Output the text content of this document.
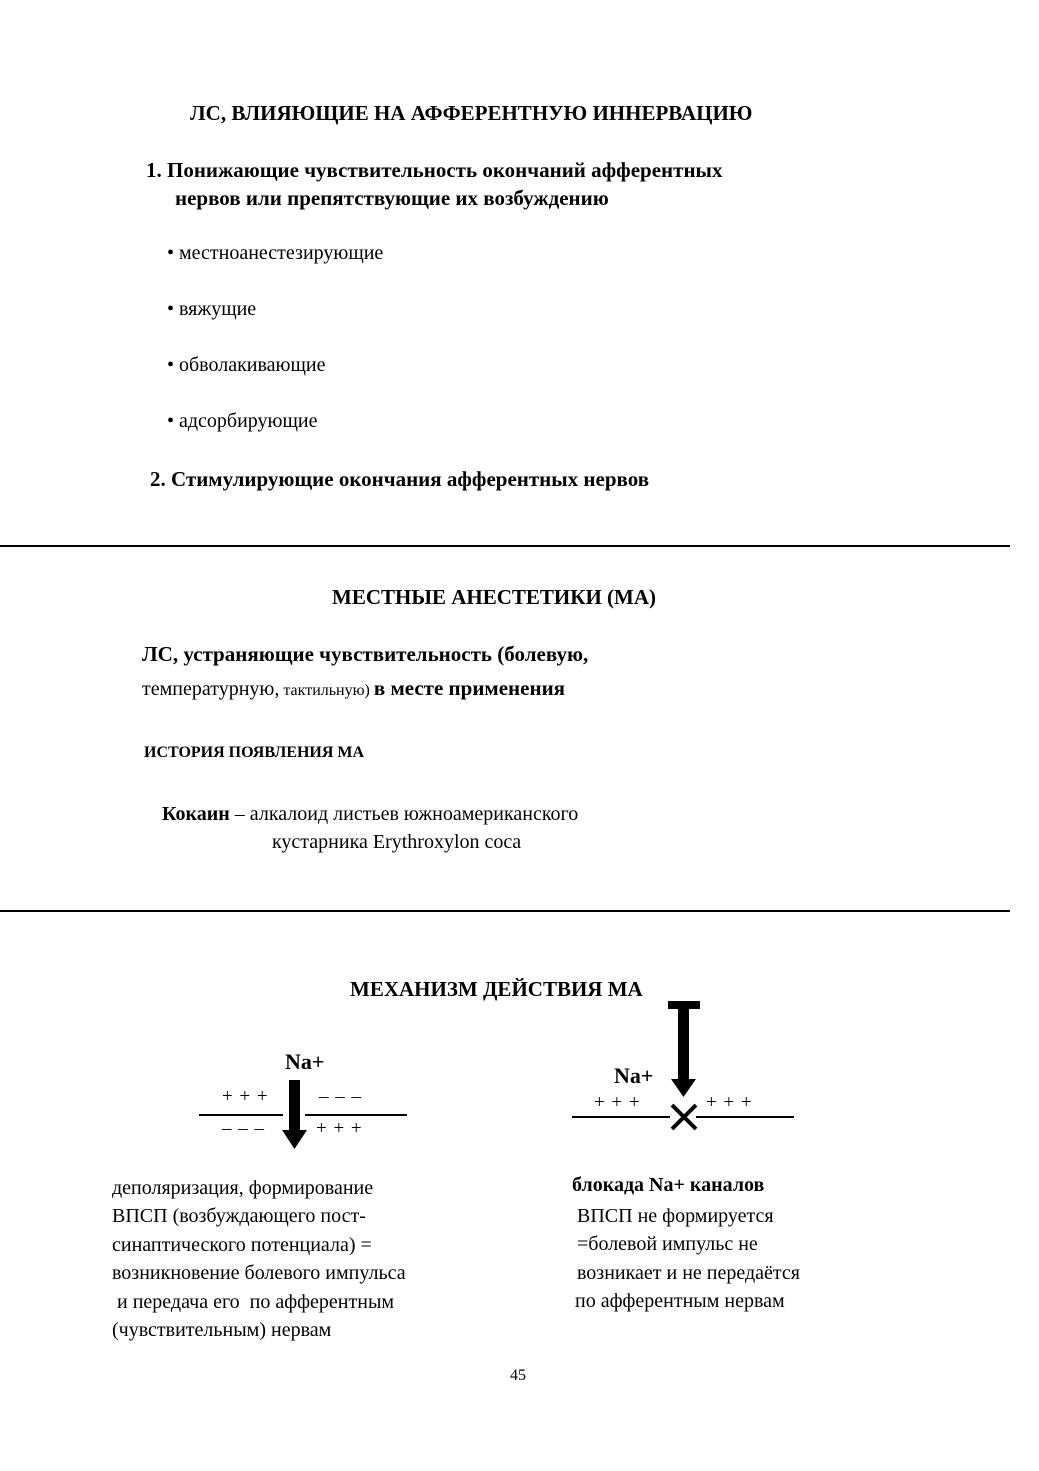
ЛС, ВЛИЯЮЩИЕ НА АФФЕРЕНТНУЮ ИННЕРВАЦИЮ
1. Понижающие чувствительность окончаний афферентных
нервов или препятствующие их возбуждению
• местноанестезирующие
• вяжущие
• обволакивающие
• адсорбирующие
2. Стимулирующие окончания афферентных нервов
МЕСТНЫЕ АНЕСТЕТИКИ (МА)
ЛС, устраняющие чувствительность (болевую,
температурную, тактильную) в месте применения
ИСТОРИЯ ПОЯВЛЕНИЯ МА
Кокаин – алкалоид листьев южноамериканского
кустарника Erythroxylon coca
МЕХАНИЗМ ДЕЙСТВИЯ МА
Na+
+ + +	– – –
– – –	+ + +
Na+
+ + +	+ + +
деполяризация, формирование
ВПСП (возбуждающего пост-
синаптического потенциала) =
возникновение болевого импульса
и передача его  по афферентным
(чувствительным) нервам
блокада Na+ каналов
ВПСП не формируется
=болевой импульс не
возникает и не передаётся
по афферентным нервам
45
